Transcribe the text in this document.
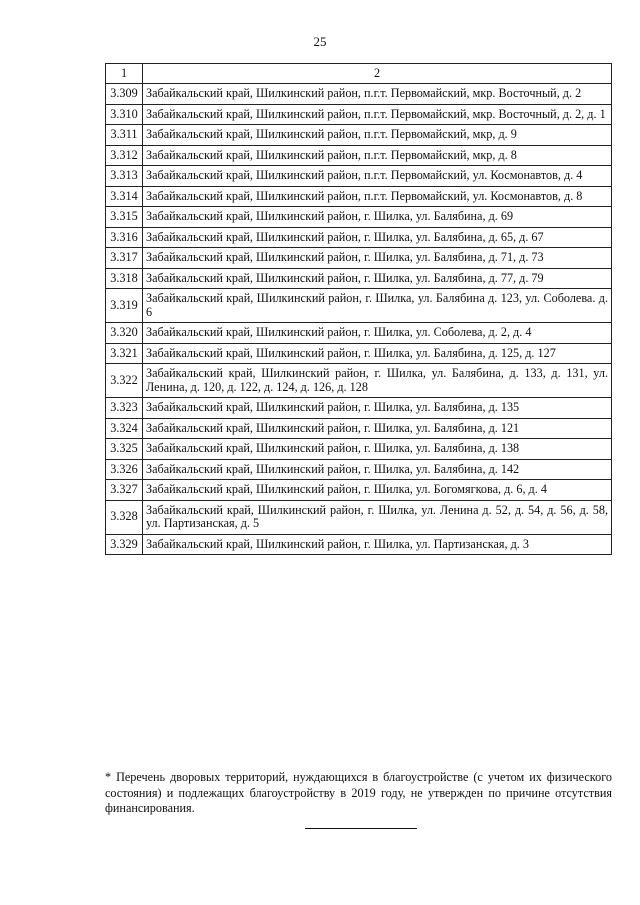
25
1	2
3.309	Забайкальский край, Шилкинский район, п.г.т. Первомайский, мкр. Восточный, д. 2
3.310	Забайкальский край, Шилкинский район, п.г.т. Первомайский, мкр. Восточный, д. 2, д. 1
3.311	Забайкальский край, Шилкинский район, п.г.т. Первомайский, мкр, д. 9
3.312	Забайкальский край, Шилкинский район, п.г.т. Первомайский, мкр, д. 8
3.313	Забайкальский край, Шилкинский район, п.г.т. Первомайский, ул. Космонавтов, д. 4
3.314	Забайкальский край, Шилкинский район, п.г.т. Первомайский, ул. Космонавтов, д. 8
3.315	Забайкальский край, Шилкинский район, г. Шилка, ул. Балябина, д. 69
3.316	Забайкальский край, Шилкинский район, г. Шилка, ул. Балябина, д. 65, д. 67
3.317	Забайкальский край, Шилкинский район, г. Шилка, ул. Балябина, д. 71, д. 73
3.318	Забайкальский край, Шилкинский район, г. Шилка, ул. Балябина, д. 77, д. 79
3.319	Забайкальский край, Шилкинский район, г. Шилка, ул. Балябина д. 123, ул. Соболева. д. 6
3.320	Забайкальский край, Шилкинский район, г. Шилка, ул. Соболева, д. 2, д. 4
3.321	Забайкальский край, Шилкинский район, г. Шилка, ул. Балябина, д. 125, д. 127
3.322	Забайкальский край, Шилкинский район, г. Шилка, ул. Балябина, д. 133, д. 131, ул. Ленина, д. 120, д. 122, д. 124, д. 126, д. 128
3.323	Забайкальский край, Шилкинский район, г. Шилка, ул. Балябина, д. 135
3.324	Забайкальский край, Шилкинский район, г. Шилка, ул. Балябина, д. 121
3.325	Забайкальский край, Шилкинский район, г. Шилка, ул. Балябина, д. 138
3.326	Забайкальский край, Шилкинский район, г. Шилка, ул. Балябина, д. 142
3.327	Забайкальский край, Шилкинский район, г. Шилка, ул. Богомягкова, д. 6, д. 4
3.328	Забайкальский край, Шилкинский район, г. Шилка, ул. Ленина д. 52, д. 54, д. 56, д. 58, ул. Партизанская, д. 5
3.329	Забайкальский край, Шилкинский район, г. Шилка, ул. Партизанская, д. 3
* Перечень дворовых территорий, нуждающихся в благоустройстве (с учетом их физического состояния) и подлежащих благоустройству в 2019 году, не утвержден по причине отсутствия финансирования.
